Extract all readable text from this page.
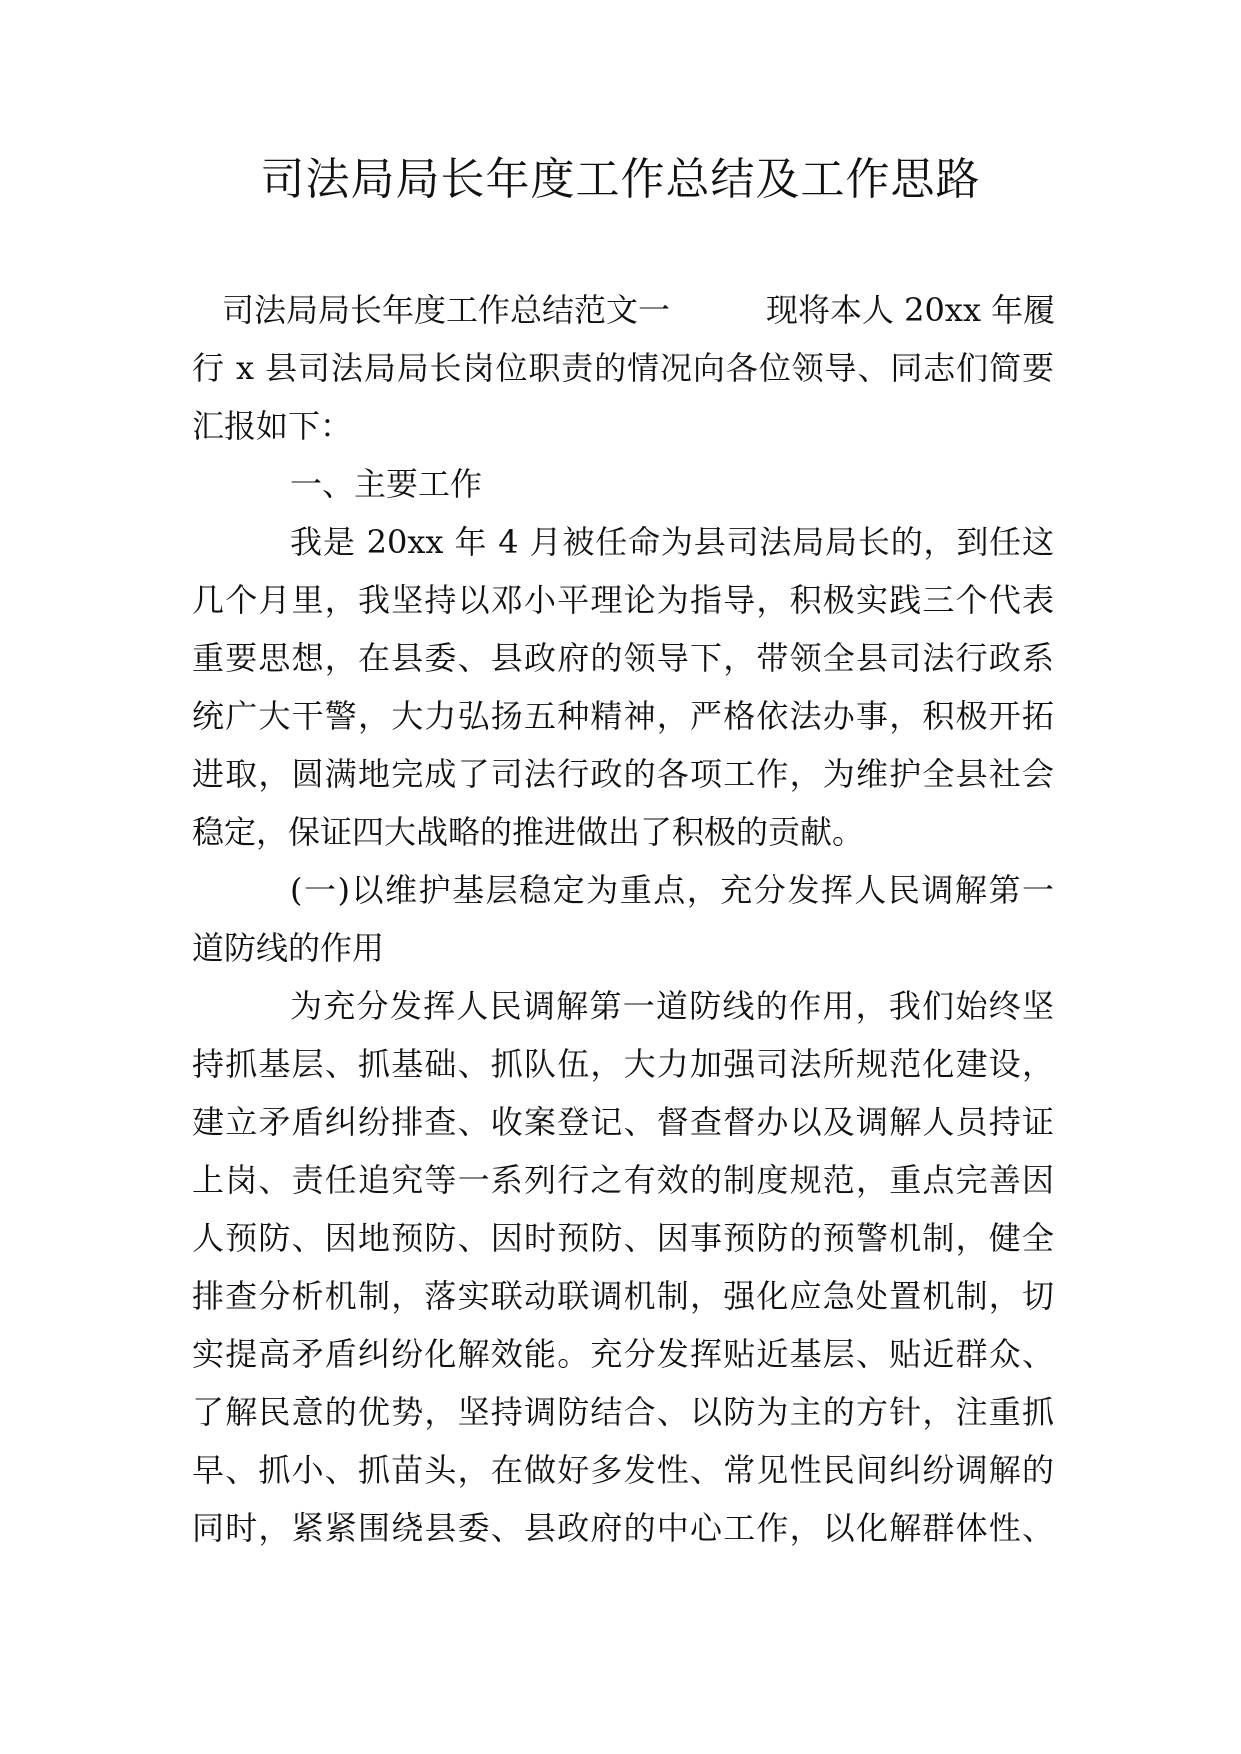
司法局局长年度工作总结及工作思路
司法局局长年度工作总结范文一	现将本人 20xx 年履
行 x 县司法局局长岗位职责的情况向各位领导、同志们简要
汇报如下：
一、主要工作
我是 20xx 年 4 月被任命为县司法局局长的，到任这
几个月里，我坚持以邓小平理论为指导，积极实践三个代表
重要思想，在县委、县政府的领导下，带领全县司法行政系
统广大干警，大力弘扬五种精神，严格依法办事，积极开拓
进取，圆满地完成了司法行政的各项工作，为维护全县社会
稳定，保证四大战略的推进做出了积极的贡献。
(一)以维护基层稳定为重点，充分发挥人民调解第一
道防线的作用
为充分发挥人民调解第一道防线的作用，我们始终坚
持抓基层、抓基础、抓队伍，大力加强司法所规范化建设，
建立矛盾纠纷排查、收案登记、督查督办以及调解人员持证
上岗、责任追究等一系列行之有效的制度规范，重点完善因
人预防、因地预防、因时预防、因事预防的预警机制，健全
排查分析机制，落实联动联调机制，强化应急处置机制，切
实提高矛盾纠纷化解效能。充分发挥贴近基层、贴近群众、
了解民意的优势，坚持调防结合、以防为主的方针，注重抓
早、抓小、抓苗头，在做好多发性、常见性民间纠纷调解的
同时，紧紧围绕县委、县政府的中心工作，以化解群体性、
